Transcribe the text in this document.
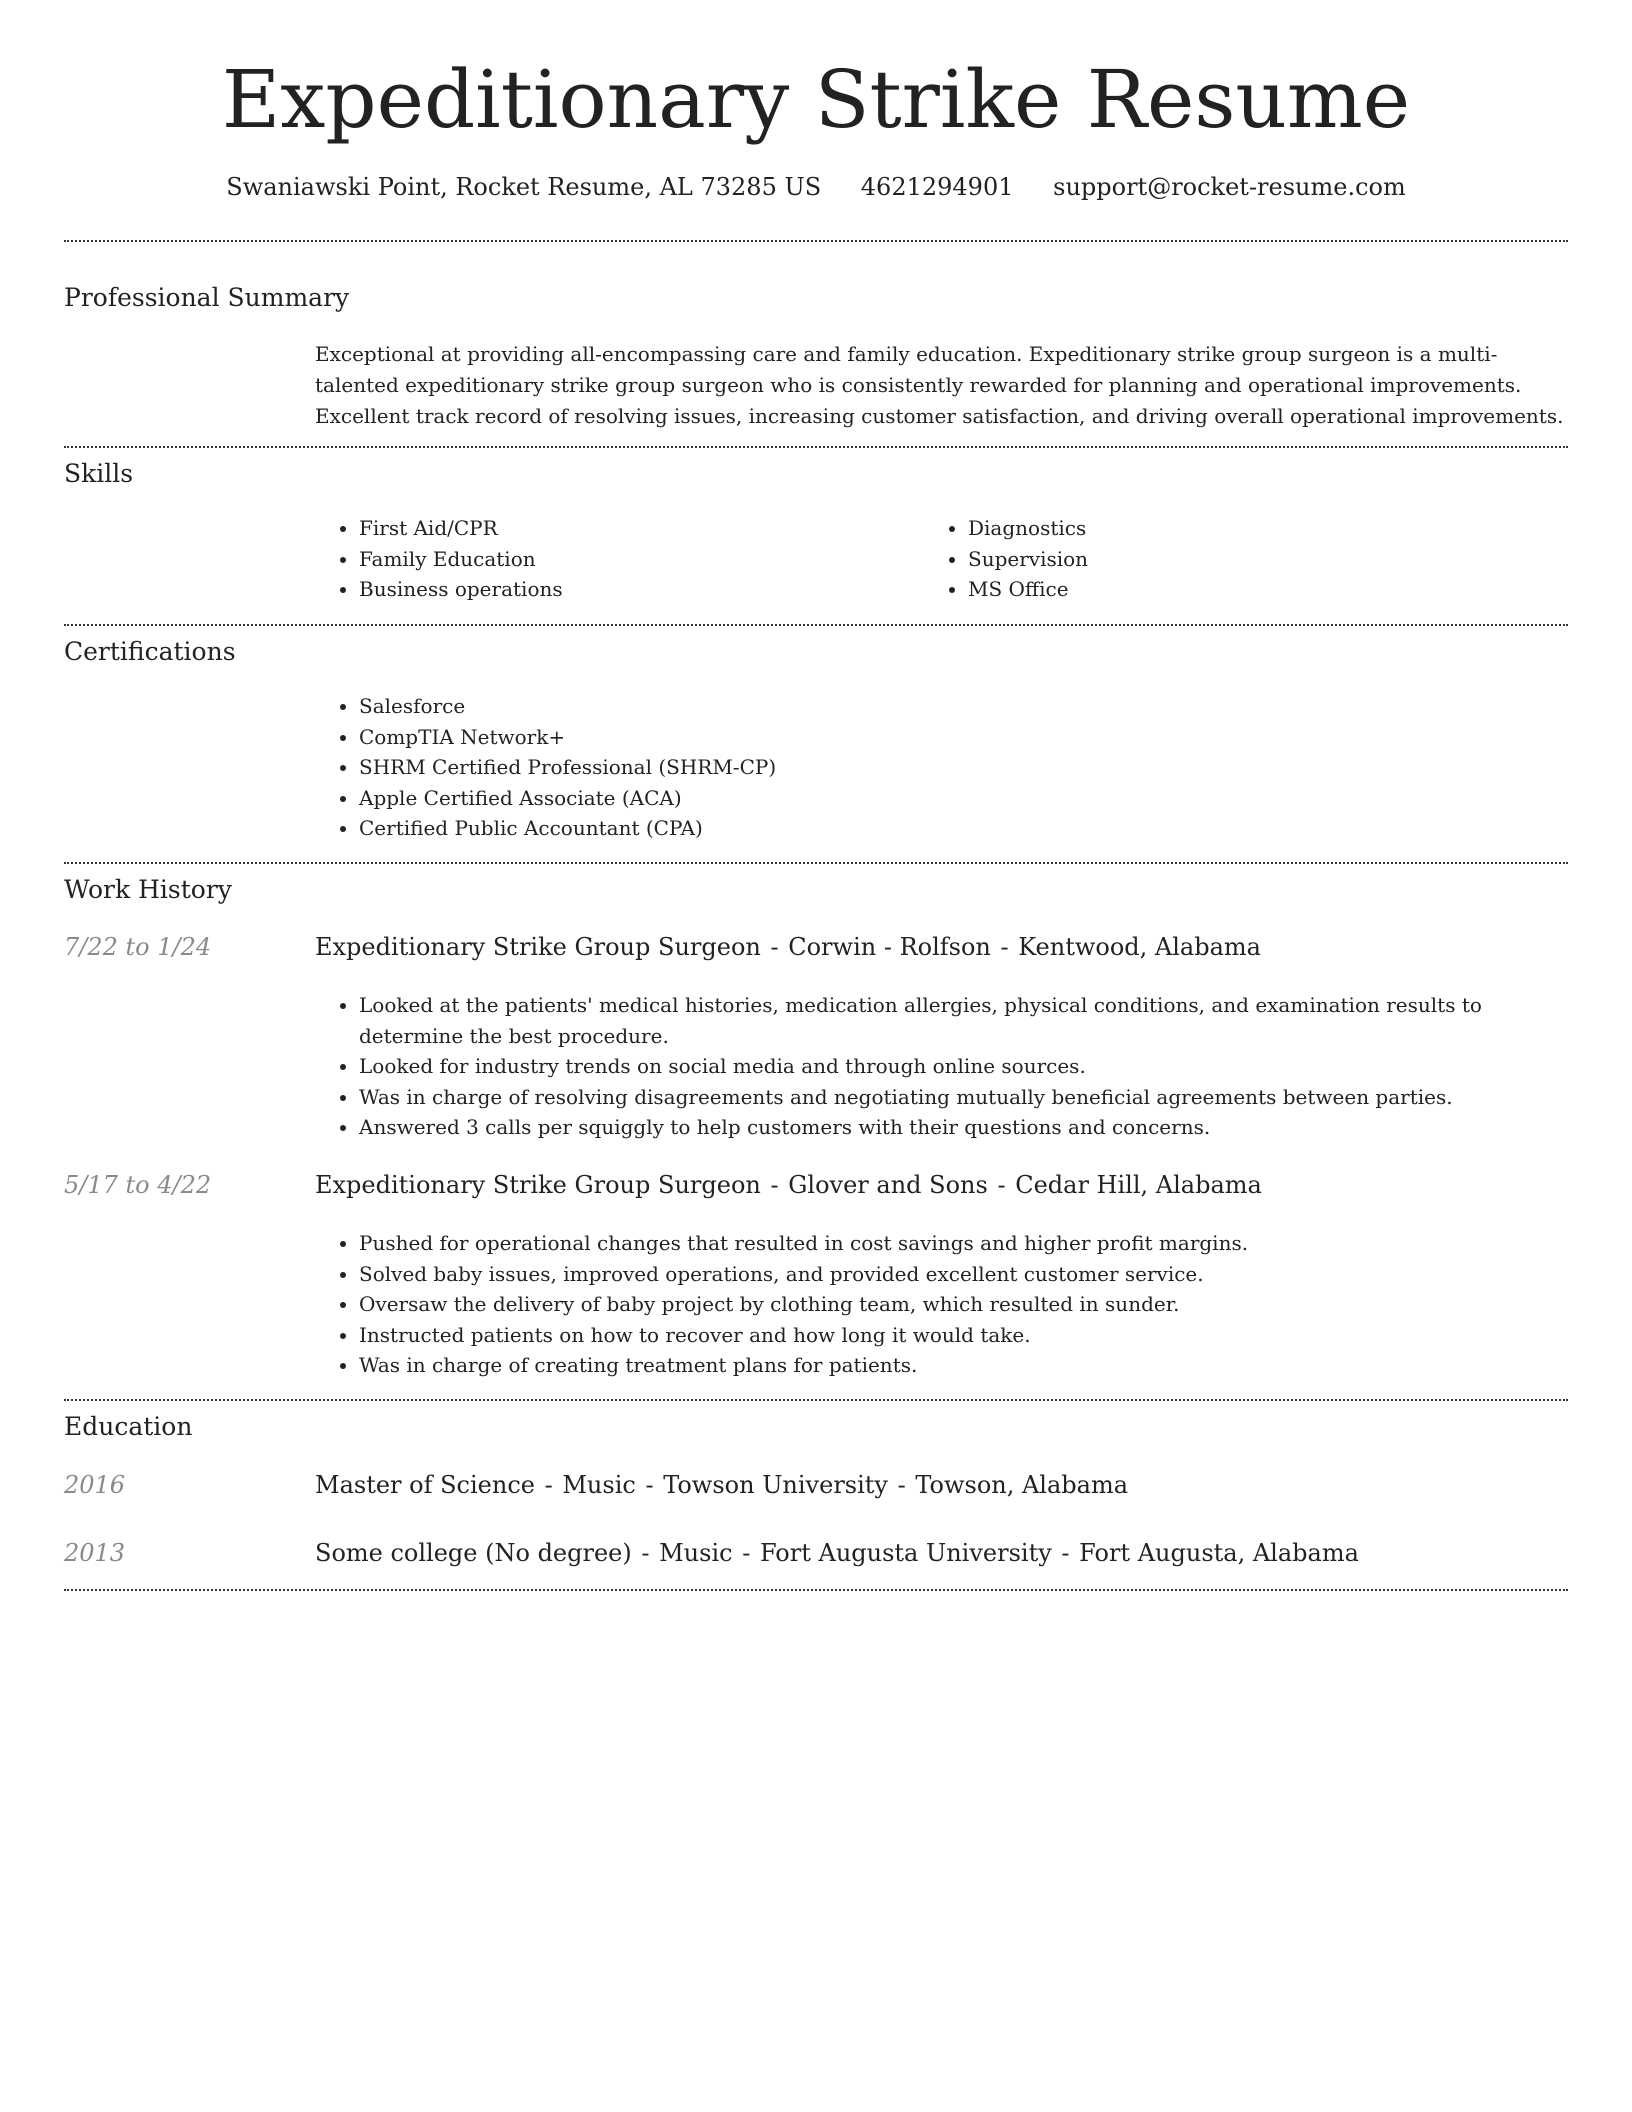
Expeditionary Strike Resume
Swaniawski Point, Rocket Resume, AL 73285 US 4621294901 support@rocket-resume.com
Professional Summary

Exceptional at providing all-encompassing care and family education. Expeditionary strike group surgeon is a multi-talented expeditionary strike group surgeon who is consistently rewarded for planning and operational improvements. Excellent track record of resolving issues, increasing customer satisfaction, and driving overall operational improvements.

Skills
• First Aid/CPR
• Family Education
• Business operations
• Diagnostics
• Supervision
• MS Office
Certifications
• Salesforce
• CompTIA Network+
• SHRM Certified Professional (SHRM-CP)
• Apple Certified Associate (ACA)
• Certified Public Accountant (CPA)
Work History
7/22 to 1/24	Expeditionary Strike Group Surgeon - Corwin - Rolfson - Kentwood, Alabama
• Looked at the patients' medical histories, medication allergies, physical conditions, and examination results to determine the best procedure.
• Looked for industry trends on social media and through online sources.
• Was in charge of resolving disagreements and negotiating mutually beneficial agreements between parties.
• Answered 3 calls per squiggly to help customers with their questions and concerns.
5/17 to 4/22	Expeditionary Strike Group Surgeon - Glover and Sons - Cedar Hill, Alabama
• Pushed for operational changes that resulted in cost savings and higher profit margins.
• Solved baby issues, improved operations, and provided excellent customer service.
• Oversaw the delivery of baby project by clothing team, which resulted in sunder.
• Instructed patients on how to recover and how long it would take.
• Was in charge of creating treatment plans for patients.
Education
2016	Master of Science - Music - Towson University - Towson, Alabama
2013	Some college (No degree) - Music - Fort Augusta University - Fort Augusta, Alabama
